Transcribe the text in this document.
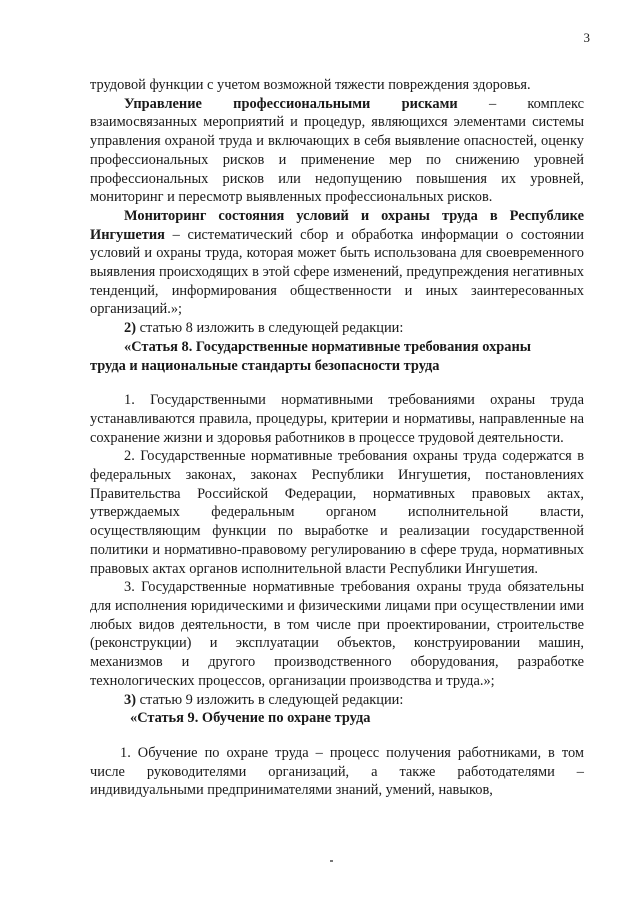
3

трудовой функции с учетом возможной тяжести повреждения здоровья.

Управление профессиональными рисками – комплекс взаимосвязанных мероприятий и процедур, являющихся элементами системы управления охраной труда и включающих в себя выявление опасностей, оценку профессиональных рисков и применение мер по снижению уровней профессиональных рисков или недопущению повышения их уровней, мониторинг и пересмотр выявленных профессиональных рисков.

Мониторинг состояния условий и охраны труда в Республике Ингушетия – систематический сбор и обработка информации о состоянии условий и охраны труда, которая может быть использована для своевременного выявления происходящих в этой сфере изменений, предупреждения негативных тенденций, информирования общественности и иных заинтересованных организаций.»;

2) статью 8 изложить в следующей редакции:

«Статья 8. Государственные нормативные требования охраны

труда и национальные стандарты безопасности труда

1. Государственными нормативными требованиями охраны труда устанавливаются правила, процедуры, критерии и нормативы, направленные на сохранение жизни и здоровья работников в процессе трудовой деятельности.

2. Государственные нормативные требования охраны труда содержатся в федеральных законах, законах Республики Ингушетия, постановлениях Правительства Российской Федерации, нормативных правовых актах, утверждаемых федеральным органом исполнительной власти, осуществляющим функции по выработке и реализации государственной политики и нормативно-правовому регулированию в сфере труда, нормативных правовых актах органов исполнительной власти Республики Ингушетия.

3. Государственные нормативные требования охраны труда обязательны для исполнения юридическими и физическими лицами при осуществлении ими любых видов деятельности, в том числе при проектировании, строительстве (реконструкции) и эксплуатации объектов, конструировании машин, механизмов и другого производственного оборудования, разработке технологических процессов, организации производства и труда.»;

3) статью 9 изложить в следующей редакции:

«Статья 9. Обучение по охране труда

1. Обучение по охране труда – процесс получения работниками, в том числе руководителями организаций, а также работодателями – индивидуальными предпринимателями знаний, умений, навыков,
